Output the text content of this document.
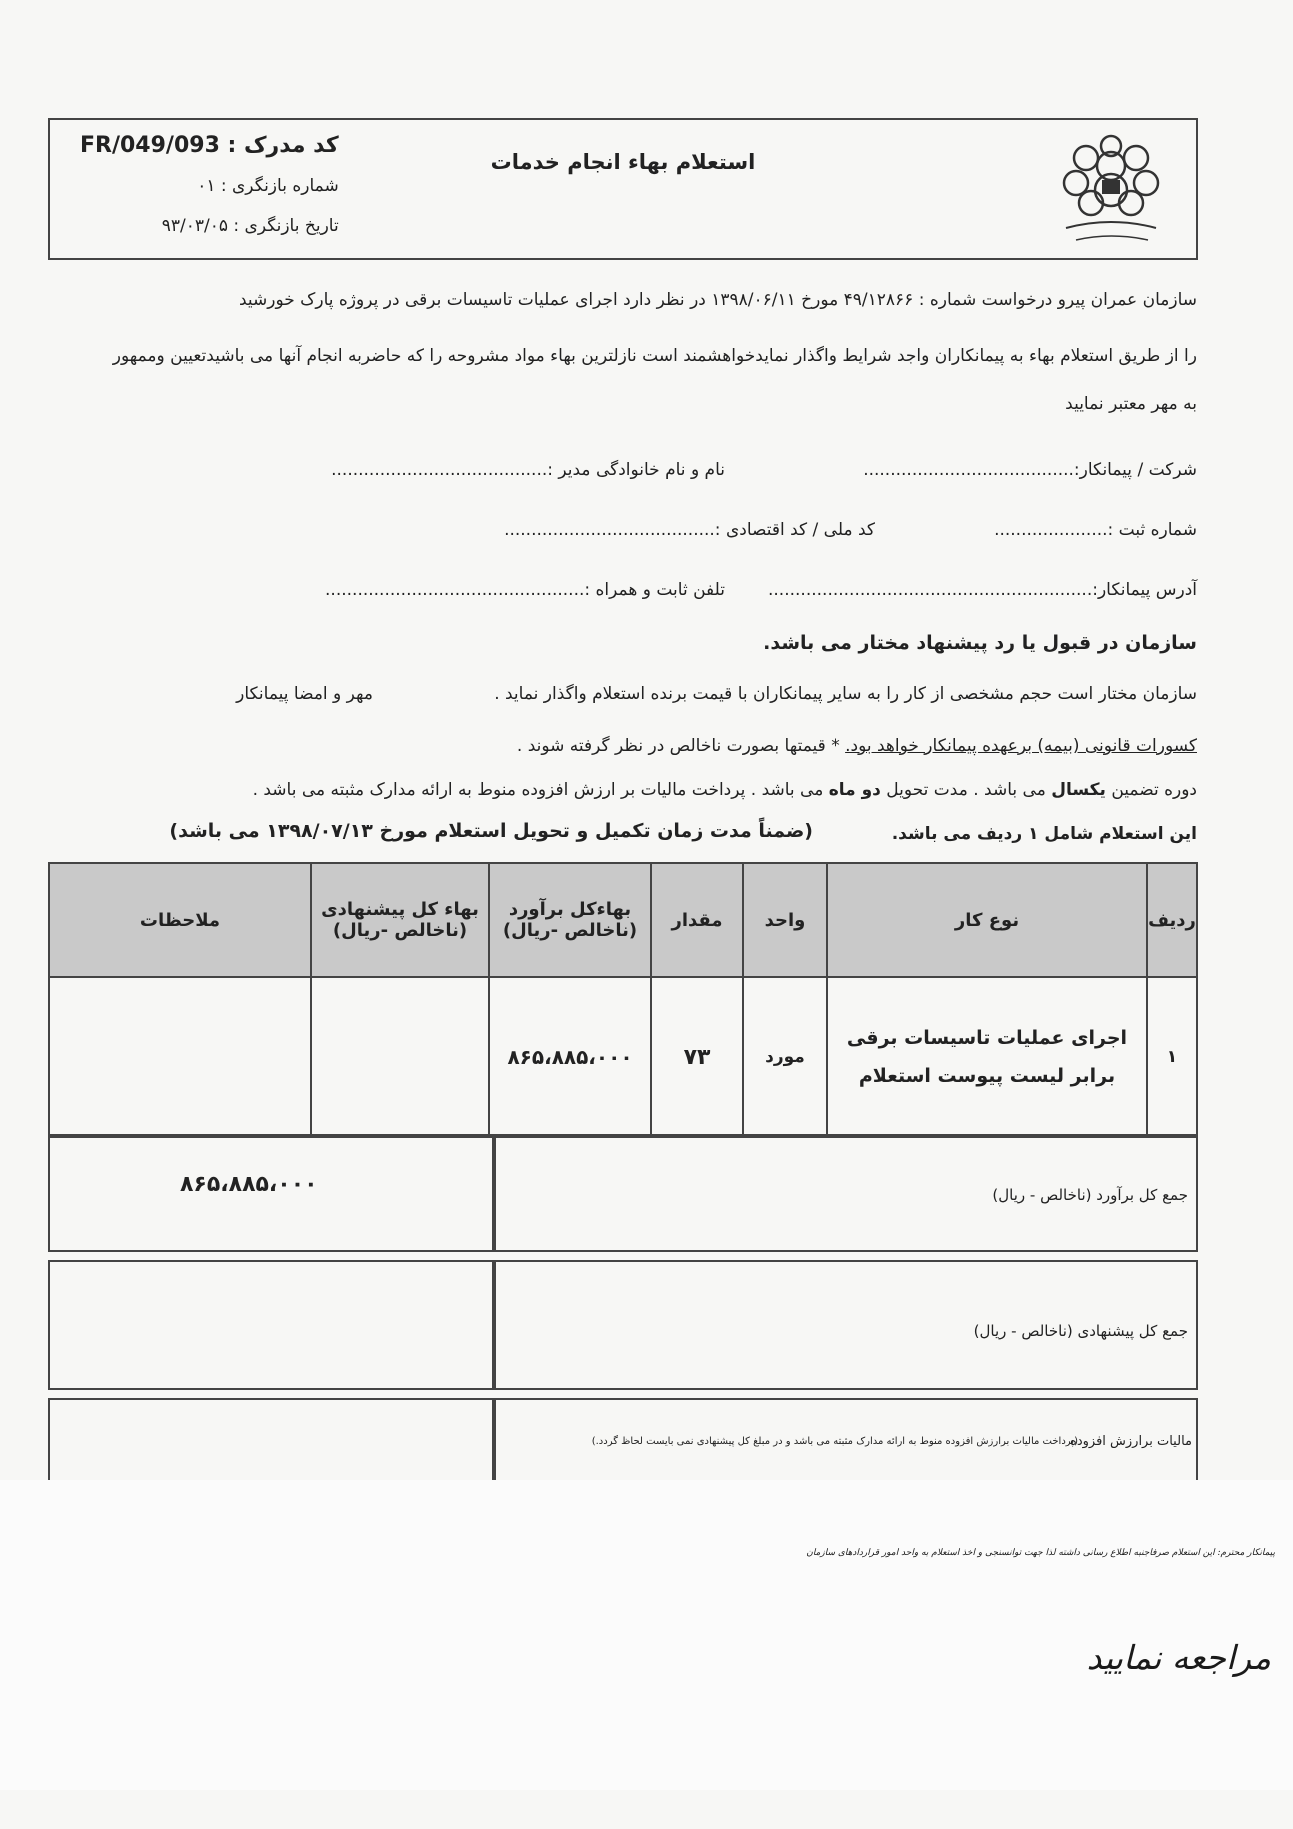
استعلام بهاء انجام خدمات
کد مدرک : FR/049/093
شماره بازنگری : ۰۱
تاریخ بازنگری : ۹۳/۰۳/۰۵
سازمان عمران پیرو درخواست شماره : ۴۹/۱۲۸۶۶ مورخ ۱۳۹۸/۰۶/۱۱ در نظر دارد اجرای عملیات تاسیسات برقی در پروژه پارک خورشید
را از طریق استعلام بهاء به پیمانکاران واجد شرایط واگذار نمایدخواهشمند است نازلترین بهاء مواد مشروحه را که حاضربه انجام آنها می باشیدتعیین وممهور
به مهر معتبر نمایید
شرکت / پیمانکار:.......................................
نام و نام خانوادگی مدیر :........................................
شماره ثبت :.....................
کد ملی / کد اقتصادی :.......................................
آدرس پیمانکار:............................................................
تلفن ثابت و همراه :................................................
سازمان در قبول یا رد پیشنهاد مختار می باشد.
سازمان مختار است حجم مشخصی از کار را به سایر پیمانکاران با قیمت برنده استعلام واگذار نماید .
مهر و امضا پیمانکار
کسورات قانونی (بیمه) برعهده پیمانکار خواهد بود. * قیمتها بصورت ناخالص در نظر گرفته شوند .
دوره تضمین یکسال می باشد . مدت تحویل دو ماه می باشد . پرداخت مالیات بر ارزش افزوده منوط به ارائه مدارک مثبته می باشد .
این استعلام شامل ۱ ردیف می باشد.
(ضمناً مدت زمان تکمیل و تحویل استعلام مورخ ۱۳۹۸/۰۷/۱۳ می باشد)
ردیف	نوع کار	واحد	مقدار	بهاءکل برآورد (ناخالص -ریال)	بهاء کل پیشنهادی (ناخالص -ریال)	ملاحظات
۱	اجرای عملیات تاسیسات برقی برابر لیست پیوست استعلام	مورد	۷۳	۸۶۵،۸۸۵،۰۰۰		
جمع کل برآورد (ناخالص - ریال)
۸۶۵،۸۸۵،۰۰۰
جمع کل پیشنهادی (ناخالص - ریال)
مالیات برارزش افزوده
(پرداخت مالیات برارزش افزوده منوط به ارائه مدارک مثبته می باشد و در مبلغ کل پیشنهادی نمی بایست لحاظ گردد.)
پیمانکار محترم: این استعلام صرفاجنبه اطلاع رسانی داشته لذا جهت توانسنجی و اخذ استعلام به واحد امور قراردادهای سازمان
مراجعه نمایید
